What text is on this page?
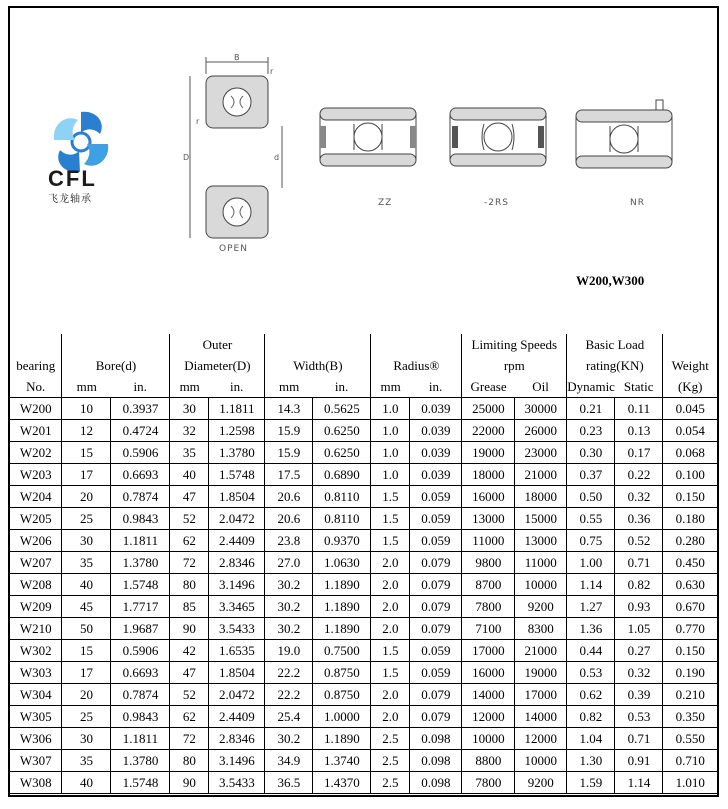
CFL
飞龙轴承
B
D	d
r
r
OPEN
ZZ	-2RS	NR
W200,W300
			Outer						Limiting Speeds		Basic Load		
bearing	Bore(d)		Diameter(D)		Width(B)		Radius®		rpm		rating(KN)		Weight
No.	mm	in.	mm	in.	mm	in.	mm	in.	Grease	Oil	Dynamic	Static	(Kg)
W200	10	0.3937	30	1.1811	14.3	0.5625	1.0	0.039	25000	30000	0.21	0.11	0.045
W201	12	0.4724	32	1.2598	15.9	0.6250	1.0	0.039	22000	26000	0.23	0.13	0.054
W202	15	0.5906	35	1.3780	15.9	0.6250	1.0	0.039	19000	23000	0.30	0.17	0.068
W203	17	0.6693	40	1.5748	17.5	0.6890	1.0	0.039	18000	21000	0.37	0.22	0.100
W204	20	0.7874	47	1.8504	20.6	0.8110	1.5	0.059	16000	18000	0.50	0.32	0.150
W205	25	0.9843	52	2.0472	20.6	0.8110	1.5	0.059	13000	15000	0.55	0.36	0.180
W206	30	1.1811	62	2.4409	23.8	0.9370	1.5	0.059	11000	13000	0.75	0.52	0.280
W207	35	1.3780	72	2.8346	27.0	1.0630	2.0	0.079	9800	11000	1.00	0.71	0.450
W208	40	1.5748	80	3.1496	30.2	1.1890	2.0	0.079	8700	10000	1.14	0.82	0.630
W209	45	1.7717	85	3.3465	30.2	1.1890	2.0	0.079	7800	9200	1.27	0.93	0.670
W210	50	1.9687	90	3.5433	30.2	1.1890	2.0	0.079	7100	8300	1.36	1.05	0.770
W302	15	0.5906	42	1.6535	19.0	0.7500	1.5	0.059	17000	21000	0.44	0.27	0.150
W303	17	0.6693	47	1.8504	22.2	0.8750	1.5	0.059	16000	19000	0.53	0.32	0.190
W304	20	0.7874	52	2.0472	22.2	0.8750	2.0	0.079	14000	17000	0.62	0.39	0.210
W305	25	0.9843	62	2.4409	25.4	1.0000	2.0	0.079	12000	14000	0.82	0.53	0.350
W306	30	1.1811	72	2.8346	30.2	1.1890	2.5	0.098	10000	12000	1.04	0.71	0.550
W307	35	1.3780	80	3.1496	34.9	1.3740	2.5	0.098	8800	10000	1.30	0.91	0.710
W308	40	1.5748	90	3.5433	36.5	1.4370	2.5	0.098	7800	9200	1.59	1.14	1.010
